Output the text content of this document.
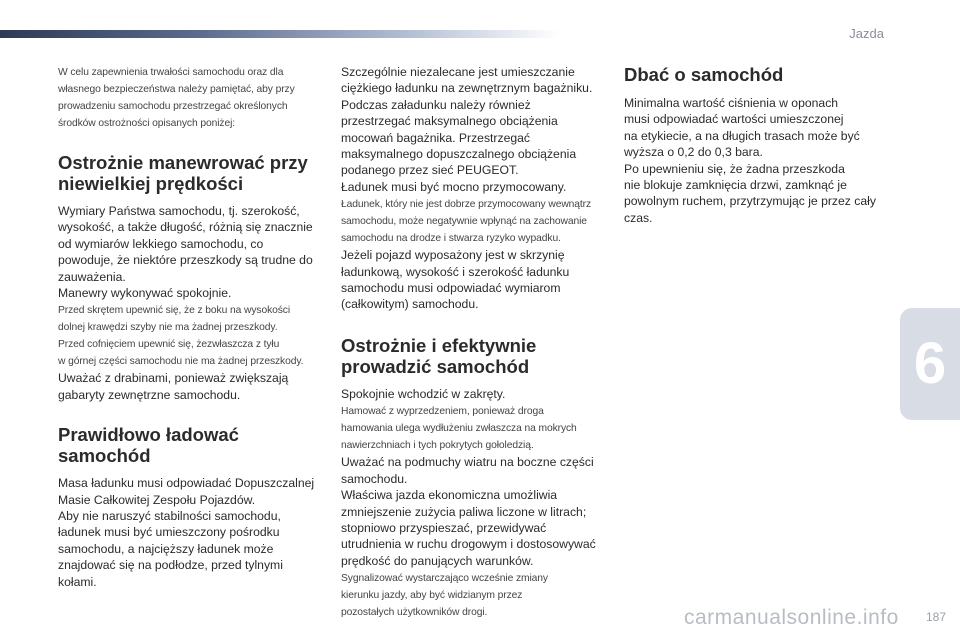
Jazda

W celu zapewnienia trwałości samochodu oraz dla

własnego bezpieczeństwa należy pamiętać, aby przy

prowadzeniu samochodu przestrzegać określonych

środków ostrożności opisanych poniżej:

Ostrożnie manewrować przy
niewielkiej prędkości

Wymiary Państwa samochodu, tj. szerokość,

wysokość, a także długość, różnią się znacznie

od wymiarów lekkiego samochodu, co

powoduje, że niektóre przeszkody są trudne do

zauważenia.

Manewry wykonywać spokojnie.

Przed skrętem upewnić się, że z boku na wysokości

dolnej krawędzi szyby nie ma żadnej przeszkody.

Przed cofnięciem upewnić się, żezwłaszcza z tyłu

w górnej części samochodu nie ma żadnej przeszkody.

Uważać z drabinami, ponieważ zwiększają

gabaryty zewnętrzne samochodu.

Prawidłowo ładować
samochód

Masa ładunku musi odpowiadać Dopuszczalnej

Masie Całkowitej Zespołu Pojazdów.

Aby nie naruszyć stabilności samochodu,

ładunek musi być umieszczony pośrodku

samochodu, a najcięższy ładunek może

znajdować się na podłodze, przed tylnymi

kołami.

Szczególnie niezalecane jest umieszczanie

ciężkiego ładunku na zewnętrznym bagażniku.

Podczas załadunku należy również

przestrzegać maksymalnego obciążenia

mocowań bagażnika. Przestrzegać

maksymalnego dopuszczalnego obciążenia

podanego przez sieć PEUGEOT.

Ładunek musi być mocno przymocowany.

Ładunek, który nie jest dobrze przymocowany wewnątrz

samochodu, może negatywnie wpłynąć na zachowanie

samochodu na drodze i stwarza ryzyko wypadku.

Jeżeli pojazd wyposażony jest w skrzynię

ładunkową, wysokość i szerokość ładunku

samochodu musi odpowiadać wymiarom

(całkowitym) samochodu.

Ostrożnie i efektywnie
prowadzić samochód

Spokojnie wchodzić w zakręty.

Hamować z wyprzedzeniem, ponieważ droga

hamowania ulega wydłużeniu zwłaszcza na mokrych

nawierzchniach i tych pokrytych gołoledzią.

Uważać na podmuchy wiatru na boczne części

samochodu.

Właściwa jazda ekonomiczna umożliwia

zmniejszenie zużycia paliwa liczone w litrach;

stopniowo przyspieszać, przewidywać

utrudnienia w ruchu drogowym i dostosowywać

prędkość do panujących warunków.

Sygnalizować wystarczająco wcześnie zmiany

kierunku jazdy, aby być widzianym przez

pozostałych użytkowników drogi.

Dbać o samochód

Minimalna wartość ciśnienia w oponach

musi odpowiadać wartości umieszczonej

na etykiecie, a na długich trasach może być

wyższa o 0,2 do 0,3 bara.

Po upewnieniu się, że żadna przeszkoda

nie blokuje zamknięcia drzwi, zamknąć je

powolnym ruchem, przytrzymując je przez cały

czas.

6
carmanualsonline.info 187
